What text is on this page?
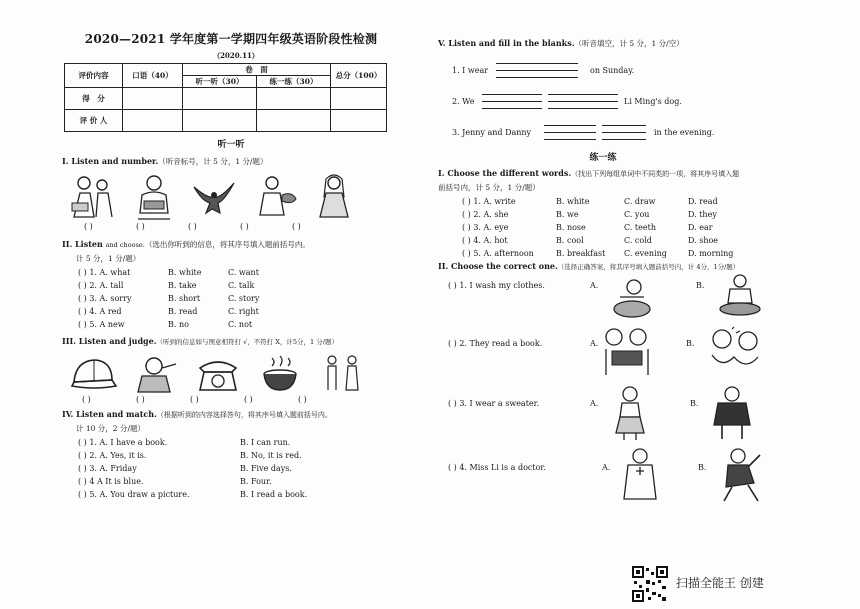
2020—2021 学年度第一学期四年级英语阶段性检测
（2020.11）
评价内容	口语（40）	卷　面		总分（100）
		听一听（30）	练一练（30）	
得　分				
评 价 人				
听一听
I. Listen and number.（听音标号，计 5 分，1 分/题）
( )	( )	( )	( )	( )
II. Listen and choose.（选出你听到的信息，将其序号填入题前括号内。
计 5 分，1 分/题）
( ) 1. A. what	B. white	C. want
( ) 2. A. tall	B. take	C. talk
( ) 3. A. sorry	B. short	C. story
( ) 4. A red	B. read	C. right
( ) 5. A new	B. no	C. not
III. Listen and judge.（听到的信息如与图意相符打 √，不符打 X，计5分，1 分/题）
( )	( )	( )	( )	( )
IV. Listen and match.（根据听到的内容选择答句，将其序号填入题前括号内。
计 10 分，2 分/题）
( ) 1. A. I have a book.	B. I can run.
( ) 2. A. Yes, it is.	B. No, it is red.
( ) 3. A. Friday	B. Five days.
( ) 4 A It is blue.	B. Four.
( ) 5. A. You draw a picture.	B. I read a book.
V. Listen and fill in the blanks.（听音填空，计 5 分，1 分/空）
1. I wear	on Sunday.
2. We	Li Ming's dog.
3. Jenny and Danny	in the evening.
练一练
I. Choose the different words.（找出下列每组单词中不同类的一项，将其序号填入题
前括号内，计 5 分，1 分/题）
( ) 1. A. write	B. white	C. draw	D. read
( ) 2. A. she	B. we	C. you	D. they
( ) 3. A. eye	B. nose	C. teeth	D. ear
( ) 4. A. hot	B. cool	C. cold	D. shoe
( ) 5. A. afternoon	B. breakfast	C. evening	D. morning
II. Choose the correct one.（选择正确答案，将其序号填入题前括号内，计 4分，1分/题）
( ) 1. I wash my clothes.	A.	B.
( ) 2. They read a book.	A.	B.
( ) 3. I wear a sweater.	A.	B.
( ) 4. Miss Li is a doctor.	A.	B.
扫描全能王 创建
